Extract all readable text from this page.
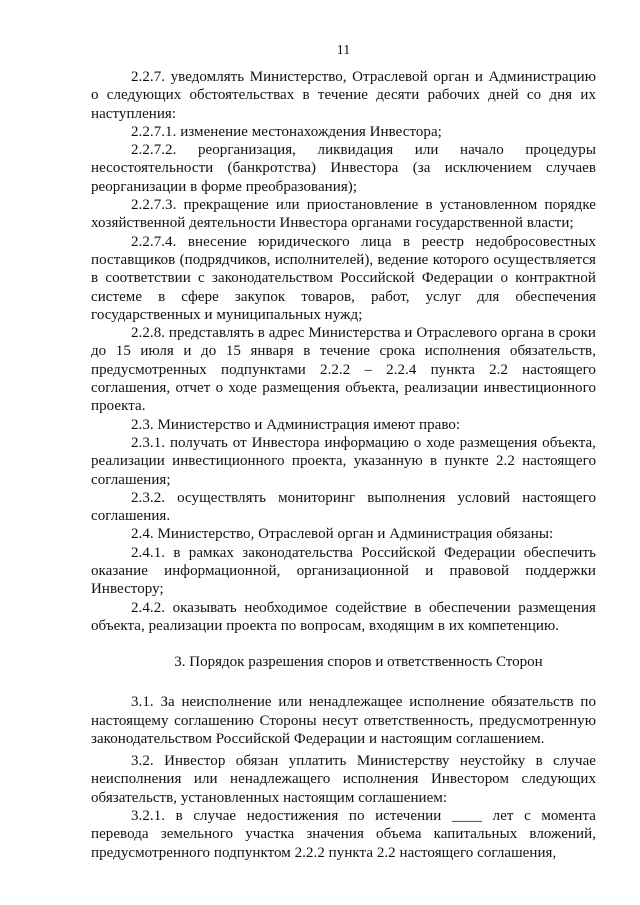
11

2.2.7. уведомлять Министерство, Отраслевой орган и Администрацию о следующих обстоятельствах в течение десяти рабочих дней со дня их наступления:

2.2.7.1. изменение местонахождения Инвестора;

2.2.7.2. реорганизация, ликвидация или начало процедуры несостоятельности (банкротства) Инвестора (за исключением случаев реорганизации в форме преобразования);

2.2.7.3. прекращение или приостановление в установленном порядке хозяйственной деятельности Инвестора органами государственной власти;

2.2.7.4. внесение юридического лица в реестр недобросовестных поставщиков (подрядчиков, исполнителей), ведение которого осуществляется в соответствии с законодательством Российской Федерации о контрактной системе в сфере закупок товаров, работ, услуг для обеспечения государственных и муниципальных нужд;

2.2.8. представлять в адрес Министерства и Отраслевого органа в сроки до 15 июля и до 15 января в течение срока исполнения обязательств, предусмотренных подпунктами 2.2.2 – 2.2.4 пункта 2.2 настоящего соглашения, отчет о ходе размещения объекта, реализации инвестиционного проекта.

2.3. Министерство и Администрация имеют право:

2.3.1. получать от Инвестора информацию о ходе размещения объекта, реализации инвестиционного проекта, указанную в пункте 2.2 настоящего соглашения;

2.3.2. осуществлять мониторинг выполнения условий настоящего соглашения.

2.4. Министерство, Отраслевой орган и Администрация обязаны:

2.4.1. в рамках законодательства Российской Федерации обеспечить оказание информационной, организационной и правовой поддержки Инвестору;

2.4.2. оказывать необходимое содействие в обеспечении размещения объекта, реализации проекта по вопросам, входящим в их компетенцию.

3. Порядок разрешения споров и ответственность Сторон

3.1. За неисполнение или ненадлежащее исполнение обязательств по настоящему соглашению Стороны несут ответственность, предусмотренную законодательством Российской Федерации и настоящим соглашением.

3.2. Инвестор обязан уплатить Министерству неустойку в случае неисполнения или ненадлежащего исполнения Инвестором следующих обязательств, установленных настоящим соглашением:

3.2.1. в случае недостижения по истечении ____ лет с момента перевода земельного участка значения объема капитальных вложений, предусмотренного подпунктом 2.2.2 пункта 2.2 настоящего соглашения,
